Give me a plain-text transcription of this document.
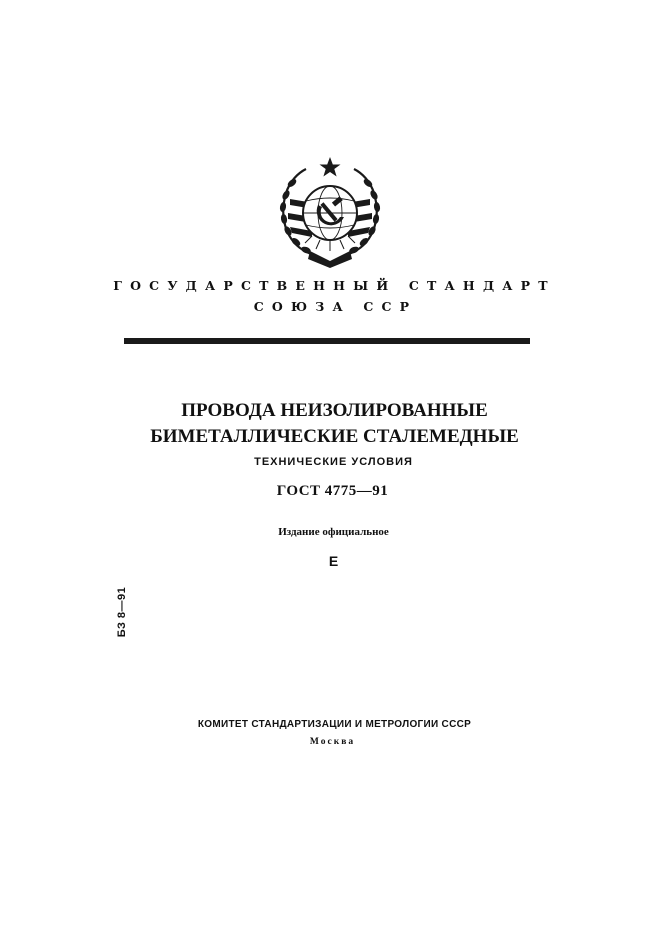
ГОСУДАРСТВЕННЫЙ СТАНДАРТ
СОЮЗА ССР
ПРОВОДА НЕИЗОЛИРОВАННЫЕ
БИМЕТАЛЛИЧЕСКИЕ СТАЛЕМЕДНЫЕ
ТЕХНИЧЕСКИЕ УСЛОВИЯ
ГОСТ 4775—91
Издание официальное
Е
БЗ 8—91
КОМИТЕТ СТАНДАРТИЗАЦИИ И МЕТРОЛОГИИ СССР
Москва
